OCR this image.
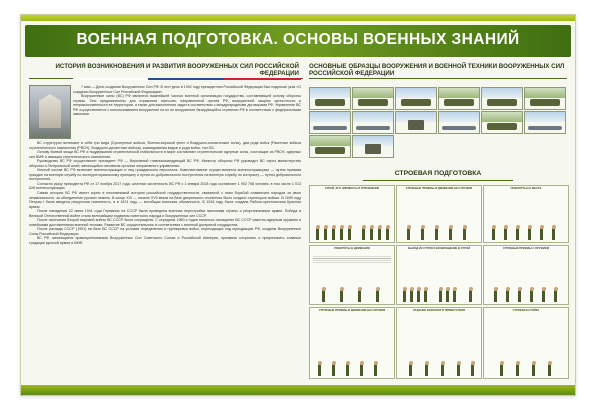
ВОЕННАЯ ПОДГОТОВКА. ОСНОВЫ ВОЕННЫХ ЗНАНИЙ
ИСТОРИЯ ВОЗНИКНОВЕНИЯ И РАЗВИТИЯ ВООРУЖЕННЫХ СИЛ РОССИЙСКОЙ ФЕДЕРАЦИИ

7 мая — День создания Вооруженных Сил РФ. В этот день в 1992 году президентом Российской Федерации был подписан указ «О создании Вооруженных Сил Российской Федерации».

Вооруженные силы (ВС) РФ являются важнейшей частью военной организации государства, составляющей основу обороны страны. Они предназначены для отражения агрессии, направленной против РФ, вооруженной защиты целостности и неприкосновенности ее территории, а также для выполнения задач в соответствии с международными договорами РФ. Управление ВС РФ осуществляется с использованием вооружения на их их вооружении базирующейся стратегии РФ в соответствии с федеральными законами.

ВС структурно включают в себя три вида (Сухопутные войска, Военно-морской флот и Воздушно-космические силы), два рода войск (Ракетные войска стратегического назначения (РВСН), Воздушно-десантные войска), командования видов и рода войск, тыл ВС.

Основу боевой мощи ВС РФ и поддержания стратегической стабильности в мире составляют стратегические ядерные силы, состоящие из РВСН, ядерных сил ВМФ и авиации стратегического назначения.

Руководство ВС РФ осуществляет президент РФ — Верховный главнокомандующий ВС РФ. Министр обороны РФ руководит ВС через министерство обороны и Генеральный штаб, являющийся основным органом оперативного управления.

Личный состав ВС РФ включает военнослужащих и лиц гражданского персонала. Комплектование осуществляется военнослужащими — путем призыва граждан на военную службу по экстерриториальному принципу и путем их добровольного поступления на военную службу по контракту — путем добровольного поступления.

Согласно указу президента РФ от 17 ноября 2017 года, штатная численность ВС РФ с 1 января 2018 года составляет 1 902 758 человек, в том числе 1 013 628 военнослужащих.

Самая история ВС РФ имеет корни в многовековой истории российской государственности, связанной с этим борьбой славянских народов за свою независимость, за объединение русских земель. В конце XVI — начале XVII веков на базе дворянского ополчения было создано стрелецкое войско. В 1699 году Петром I была введена рекрутская повинность, а в 1874 году — всеобщая воинская обязанность. В 1918 году была создана Рабоче-крестьянская Красная армия.

После нападения 22 июня 1941 года Германии на СССР была проведена военная перестройка экономики страны и реорганизована армия. Победа в Великой Отечественной войне стала величайшим подвигом советского народа и Вооруженных сил СССР.

После окончания Второй мировой войны ВС СССР были сокращены. С середины 1960-х годов началось оснащение ВС СССР ракетно-ядерным оружием и новейшими достижениями военной техники. Развитие ВС осуществлялось в соответствии с военной доктриной государства.

После распада СССР (1991) на базе ВС СССР на условии определения и группировок войск, переходящих под юрисдикцию РФ, созданы Вооруженные Силы Российской Федерации.

ВС РФ, являющиеся правопреемниками Вооруженных Сил Советского Союза и Российской Империи, призваны сохранить и приумножить славные традиции русской армии и ВМФ.

ОСНОВНЫЕ ОБРАЗЦЫ ВООРУЖЕНИЯ И ВОЕННОЙ ТЕХНИКИ ВООРУЖЕННЫХ СИЛ РОССИЙСКОЙ ФЕДЕРАЦИИ
СТРОЕВАЯ ПОДГОТОВКА
СТРОЙ, ЕГО ЭЛЕМЕНТЫ И УПРАВЛЕНИЕ	СТРОЕВЫЕ ПРИЕМЫ И ДВИЖЕНИЕ БЕЗ ОРУЖИЯ	ПОВОРОТЫ НА МЕСТЕ
ПОВОРОТЫ В ДВИЖЕНИИ	ВЫХОД ИЗ СТРОЯ И ВОЗВРАЩЕНИЕ В СТРОЙ	СТРОЕВЫЕ ПРИЕМЫ С ОРУЖИЕМ
СТРОЕВЫЕ ПРИЕМЫ И ДВИЖЕНИЕ БЕЗ ОРУЖИЯ	ОТДАНИЕ ВОИНСКОГО ПРИВЕТСТВИЯ	СТРОЕВАЯ СТОЙКА
